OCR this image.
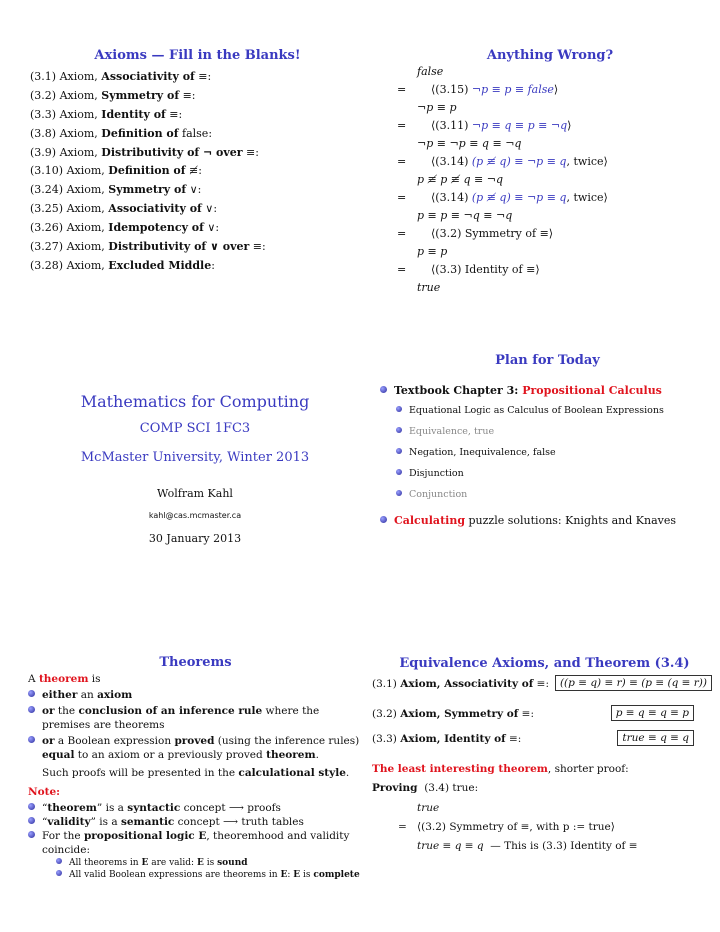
Axioms — Fill in the Blanks!
(3.1) Axiom, Associativity of ≡:
(3.2) Axiom, Symmetry of ≡:
(3.3) Axiom, Identity of ≡:
(3.8) Axiom, Definition of false:
(3.9) Axiom, Distributivity of ¬ over ≡:
(3.10) Axiom, Definition of ≢:
(3.24) Axiom, Symmetry of ∨:
(3.25) Axiom, Associativity of ∨:
(3.26) Axiom, Idempotency of ∨:
(3.27) Axiom, Distributivity of ∨ over ≡:
(3.28) Axiom, Excluded Middle:
Anything Wrong?
false
= ⟨(3.15) ¬p ≡ p ≡ false⟩
¬p ≡ p
= ⟨(3.11) ¬p ≡ q ≡ p ≡ ¬q⟩
¬p ≡ ¬p ≡ q ≡ ¬q
= ⟨(3.14) (p ≢ q) ≡ ¬p ≡ q, twice⟩
p ≢ p ≢ q ≡ ¬q
= ⟨(3.14) (p ≢ q) ≡ ¬p ≡ q, twice⟩
p ≡ p ≡ ¬q ≡ ¬q
= ⟨(3.2) Symmetry of ≡⟩
p ≡ p
= ⟨(3.3) Identity of ≡⟩
true
Mathematics for Computing
COMP SCI 1FC3
McMaster University, Winter 2013
Wolfram Kahl
kahl@cas.mcmaster.ca
30 January 2013
Plan for Today
Textbook Chapter 3: Propositional Calculus
Equational Logic as Calculus of Boolean Expressions
Equivalence, true
Negation, Inequivalence, false
Disjunction
Conjunction
Calculating puzzle solutions: Knights and Knaves
Theorems
A theorem is
either an axiom
or the conclusion of an inference rule where the premises are theorems
or a Boolean expression proved (using the inference rules) equal to an axiom or a previously proved theorem.
Such proofs will be presented in the calculational style.
Note:
“theorem” is a syntactic concept ⟶ proofs
“validity” is a semantic concept ⟶ truth tables
For the propositional logic E, theoremhood and validity coincide:
All theorems in E are valid: E is sound
All valid Boolean expressions are theorems in E: E is complete
Equivalence Axioms, and Theorem (3.4)
(3.1) Axiom, Associativity of ≡:	((p ≡ q) ≡ r) ≡ (p ≡ (q ≡ r))
(3.2) Axiom, Symmetry of ≡:	p ≡ q ≡ q ≡ p
(3.3) Axiom, Identity of ≡:	true ≡ q ≡ q
The least interesting theorem, shorter proof:
Proving (3.4) true:
true
= ⟨(3.2) Symmetry of ≡, with p := true⟩
true ≡ q ≡ q — This is (3.3) Identity of ≡
